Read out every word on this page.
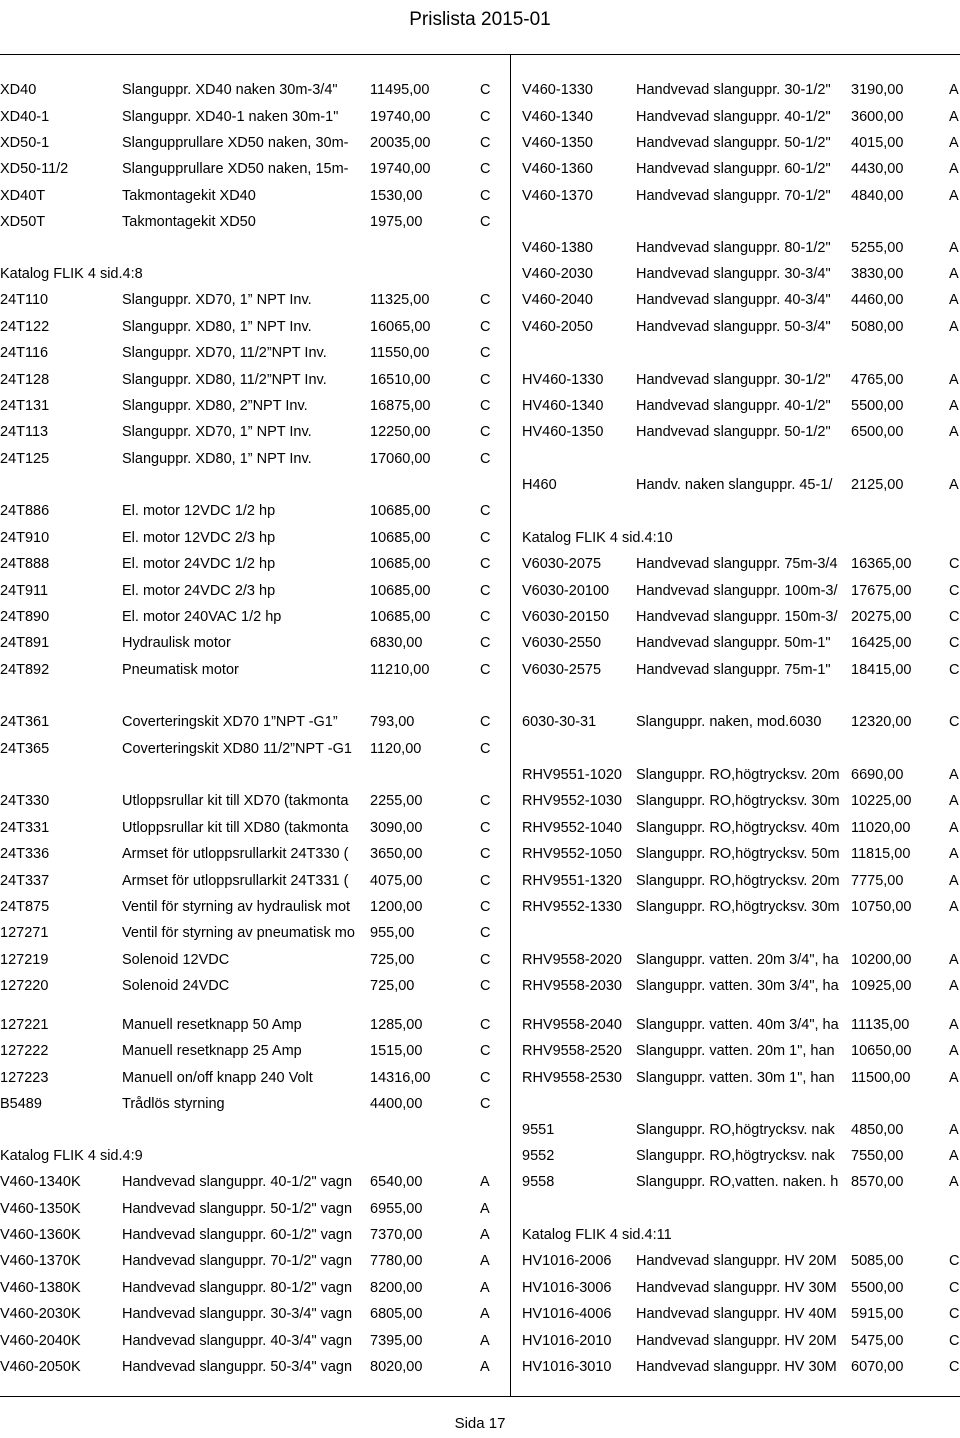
Prislista 2015-01
XD40	Slanguppr. XD40 naken 30m-3/4"	11495,00	C
XD40-1	Slanguppr. XD40-1 naken 30m-1"	19740,00	C
XD50-1	Slangupprullare XD50 naken, 30m-	20035,00	C
XD50-11/2	Slangupprullare XD50 naken, 15m-	19740,00	C
XD40T	Takmontagekit XD40	1530,00	C
XD50T	Takmontagekit XD50	1975,00	C
Katalog FLIK 4 sid.4:8
24T110	Slanguppr. XD70, 1” NPT Inv.	11325,00	C
24T122	Slanguppr. XD80, 1” NPT Inv.	16065,00	C
24T116	Slanguppr. XD70, 11/2”NPT Inv.	11550,00	C
24T128	Slanguppr. XD80, 11/2”NPT Inv.	16510,00	C
24T131	Slanguppr. XD80, 2”NPT Inv.	16875,00	C
24T113	Slanguppr. XD70, 1” NPT Inv.	12250,00	C
24T125	Slanguppr. XD80, 1” NPT Inv.	17060,00	C
24T886	El. motor 12VDC 1/2 hp	10685,00	C
24T910	El. motor 12VDC 2/3 hp	10685,00	C
24T888	El. motor 24VDC 1/2 hp	10685,00	C
24T911	El. motor 24VDC 2/3 hp	10685,00	C
24T890	El. motor 240VAC 1/2 hp	10685,00	C
24T891	Hydraulisk motor	6830,00	C
24T892	Pneumatisk motor	11210,00	C
24T361	Coverteringskit XD70 1”NPT -G1”	793,00	C
24T365	Coverteringskit XD80 11/2”NPT -G1	1120,00	C
24T330	Utloppsrullar kit till XD70 (takmonta	2255,00	C
24T331	Utloppsrullar kit till XD80 (takmonta	3090,00	C
24T336	Armset för utloppsrullarkit 24T330 (	3650,00	C
24T337	Armset för utloppsrullarkit 24T331 (	4075,00	C
24T875	Ventil för styrning av hydraulisk mot	1200,00	C
127271	Ventil för styrning av pneumatisk mo	955,00	C
127219	Solenoid 12VDC	725,00	C
127220	Solenoid 24VDC	725,00	C
127221	Manuell resetknapp 50 Amp	1285,00	C
127222	Manuell resetknapp 25 Amp	1515,00	C
127223	Manuell on/off knapp 240 Volt	14316,00	C
B5489	Trådlös styrning	4400,00	C
Katalog FLIK 4 sid.4:9
V460-1340K	Handvevad slanguppr. 40-1/2" vagn	6540,00	A
V460-1350K	Handvevad slanguppr. 50-1/2" vagn	6955,00	A
V460-1360K	Handvevad slanguppr. 60-1/2" vagn	7370,00	A
V460-1370K	Handvevad slanguppr. 70-1/2" vagn	7780,00	A
V460-1380K	Handvevad slanguppr. 80-1/2" vagn	8200,00	A
V460-2030K	Handvevad slanguppr. 30-3/4" vagn	6805,00	A
V460-2040K	Handvevad slanguppr. 40-3/4" vagn	7395,00	A
V460-2050K	Handvevad slanguppr. 50-3/4" vagn	8020,00	A
V460-1330	Handvevad slanguppr. 30-1/2"	3190,00	A
V460-1340	Handvevad slanguppr. 40-1/2"	3600,00	A
V460-1350	Handvevad slanguppr. 50-1/2"	4015,00	A
V460-1360	Handvevad slanguppr. 60-1/2"	4430,00	A
V460-1370	Handvevad slanguppr. 70-1/2"	4840,00	A
V460-1380	Handvevad slanguppr. 80-1/2"	5255,00	A
V460-2030	Handvevad slanguppr. 30-3/4"	3830,00	A
V460-2040	Handvevad slanguppr. 40-3/4"	4460,00	A
V460-2050	Handvevad slanguppr. 50-3/4"	5080,00	A
HV460-1330	Handvevad slanguppr. 30-1/2"	4765,00	A
HV460-1340	Handvevad slanguppr. 40-1/2"	5500,00	A
HV460-1350	Handvevad slanguppr. 50-1/2"	6500,00	A
H460	Handv. naken slanguppr. 45-1/	2125,00	A
Katalog FLIK 4 sid.4:10
V6030-2075	Handvevad slanguppr. 75m-3/4 16365,00	C
V6030-20100	Handvevad slanguppr. 100m-3/ 17675,00	C
V6030-20150	Handvevad slanguppr. 150m-3/ 20275,00	C
V6030-2550	Handvevad slanguppr. 50m-1"	16425,00	C
V6030-2575	Handvevad slanguppr. 75m-1"	18415,00	C
6030-30-31	Slanguppr. naken, mod.6030	12320,00	C
RHV9551-1020 Slanguppr. RO,högtrycksv. 20m 6690,00	A
RHV9552-1030 Slanguppr. RO,högtrycksv. 30m 10225,00	A
RHV9552-1040 Slanguppr. RO,högtrycksv. 40m 11020,00	A
RHV9552-1050 Slanguppr. RO,högtrycksv. 50m 11815,00	A
RHV9551-1320 Slanguppr. RO,högtrycksv. 20m 7775,00	A
RHV9552-1330 Slanguppr. RO,högtrycksv. 30m 10750,00	A
RHV9558-2020 Slanguppr. vatten. 20m 3/4", ha 10200,00	A
RHV9558-2030 Slanguppr. vatten. 30m 3/4", ha 10925,00	A
RHV9558-2040 Slanguppr. vatten. 40m 3/4", ha 11135,00	A
RHV9558-2520 Slanguppr. vatten. 20m 1", han	10650,00	A
RHV9558-2530 Slanguppr. vatten. 30m 1", han	11500,00	A
9551	Slanguppr. RO,högtrycksv. nak	4850,00	A
9552	Slanguppr. RO,högtrycksv. nak	7550,00	A
9558	Slanguppr. RO,vatten. naken. h 8570,00	A
Katalog FLIK 4 sid.4:11
HV1016-2006	Handvevad slanguppr. HV 20M 5085,00	C
HV1016-3006	Handvevad slanguppr. HV 30M 5500,00	C
HV1016-4006	Handvevad slanguppr. HV 40M 5915,00	C
HV1016-2010	Handvevad slanguppr. HV 20M 5475,00	C
HV1016-3010	Handvevad slanguppr. HV 30M 6070,00	C
Sida 17
